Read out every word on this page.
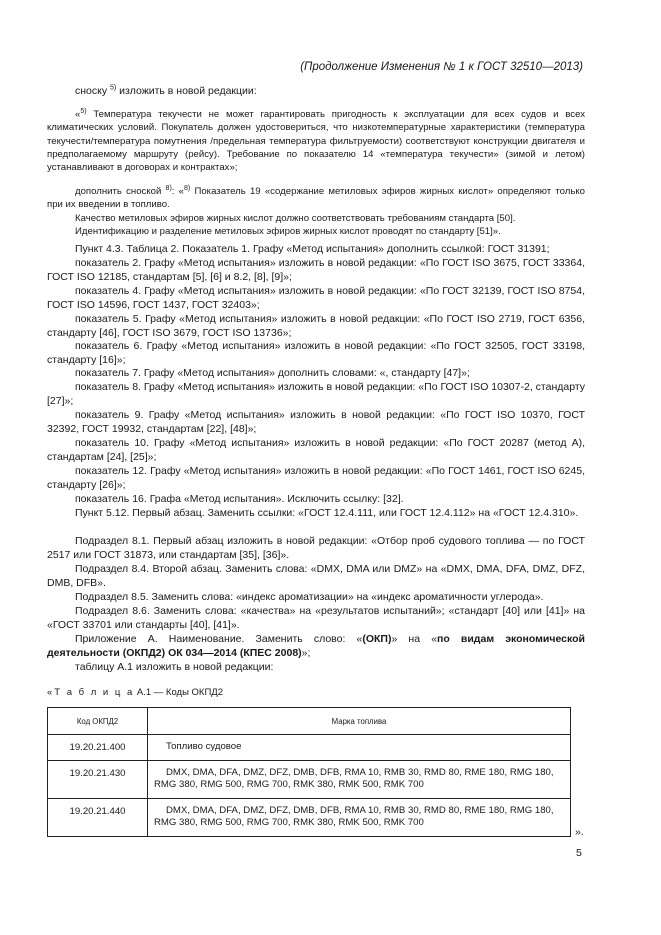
(Продолжение Изменения № 1 к ГОСТ 32510—2013)

сноску $^{5)}$ изложить в новой редакции:

«$^{5)}$ Температура текучести не может гарантировать пригодность к эксплуатации для всех судов и всех климатических условий. Покупатель должен удостовериться, что низкотемпературные характеристики (температура текучести/температура помутнения /предельная температура фильтруемости) соответствуют конструкции двигателя и предполагаемому маршруту (рейсу). Требование по показателю 14 «температура текучести» (зимой и летом) устанавливают в договорах и контрактах»;

дополнить сноской $^{8)}$: «$^{8)}$ Показатель 19 «содержание метиловых эфиров жирных кислот» определяют только при их введении в топливо.

Качество метиловых эфиров жирных кислот должно соответствовать требованиям стандарта [50].

Идентификацию и разделение метиловых эфиров жирных кислот проводят по стандарту [51]».

Пункт 4.3. Таблица 2. Показатель 1. Графу «Метод испытания» дополнить ссылкой: ГОСТ 31391;

показатель 2. Графу «Метод испытания» изложить в новой редакции: «По ГОСТ ISO 3675, ГОСТ 33364, ГОСТ ISO 12185, стандартам [5], [6] и 8.2, [8], [9]»;

показатель 4. Графу «Метод испытания» изложить в новой редакции: «По ГОСТ 32139, ГОСТ ISO 8754, ГОСТ ISO 14596, ГОСТ 1437, ГОСТ 32403»;

показатель 5. Графу «Метод испытания» изложить в новой редакции: «По ГОСТ ISO 2719, ГОСТ 6356, стандарту [46], ГОСТ ISO 3679, ГОСТ ISO 13736»;

показатель 6. Графу «Метод испытания» изложить в новой редакции: «По ГОСТ 32505, ГОСТ 33198, стандарту [16]»;

показатель 7. Графу «Метод испытания» дополнить словами: «, стандарту [47]»;

показатель 8. Графу «Метод испытания» изложить в новой редакции: «По ГОСТ ISO 10307-2, стандарту [27]»;

показатель 9. Графу «Метод испытания» изложить в новой редакции: «По ГОСТ ISO 10370, ГОСТ 32392, ГОСТ 19932, стандартам [22], [48]»;

показатель 10. Графу «Метод испытания» изложить в новой редакции: «По ГОСТ 20287 (метод А), стандартам [24], [25]»;

показатель 12. Графу «Метод испытания» изложить в новой редакции: «По ГОСТ 1461, ГОСТ ISO 6245, стандарту [26]»;

показатель 16. Графа «Метод испытания». Исключить ссылку: [32].

Пункт 5.12. Первый абзац. Заменить ссылки: «ГОСТ 12.4.111, или ГОСТ 12.4.112» на «ГОСТ 12.4.310».

Подраздел 8.1. Первый абзац изложить в новой редакции: «Отбор проб судового топлива — по ГОСТ 2517 или ГОСТ 31873, или стандартам [35], [36]».

Подраздел 8.4. Второй абзац. Заменить слова: «DMX, DMA или DMZ» на «DMX, DMA, DFA, DMZ, DFZ, DMB, DFB».

Подраздел 8.5. Заменить слова: «индекс ароматизации» на «индекс ароматичности углерода».

Подраздел 8.6. Заменить слова: «качества» на «результатов испытаний»; «стандарт [40] или [41]» на «ГОСТ 33701 или стандарты [40], [41]».

Приложение А. Наименование. Заменить слово: «(ОКП)» на «по видам экономической деятельности (ОКПД2) ОК 034—2014 (КПЕС 2008)»;

таблицу А.1 изложить в новой редакции:

«Т а б л и ц а А.1 — Коды ОКПД2
Код ОКПД2	Марка топлива
19.20.21.400	Топливо судовое

19.20.21.430	DMX, DMA, DFA, DMZ, DFZ, DMB, DFB, RMA 10, RMB 30, RMD 80, RME 180, RMG 180, RMG 380, RMG 500, RMG 700, RMK 380, RMK 500, RMK 700

19.20.21.440	DMX, DMA, DFA, DMZ, DFZ, DMB, DFB, RMA 10, RMB 30, RMD 80, RME 180, RMG 180, RMG 380, RMG 500, RMG 700, RMK 380, RMK 500, RMK 700
».
5
